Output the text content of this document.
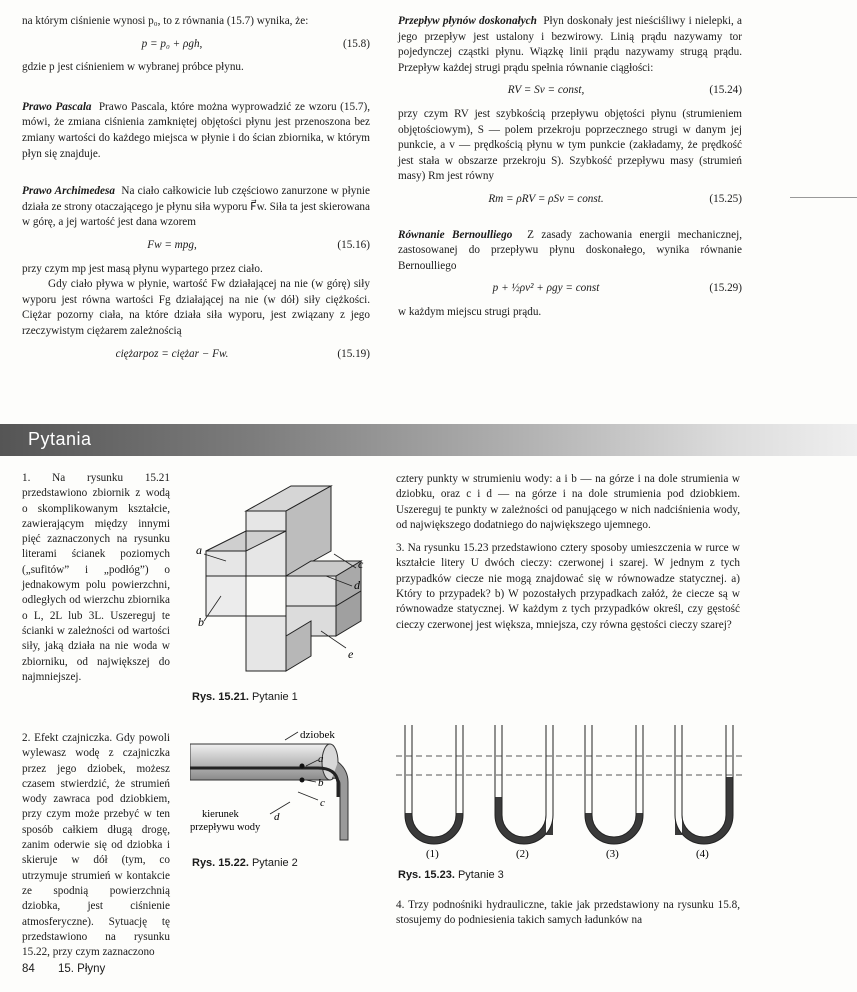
na którym ciśnienie wynosi p₀, to z równania (15.7) wynika, że:

p = p₀ + ρgh,	(15.8)

gdzie p jest ciśnieniem w wybranej próbce płynu.

Prawo Pascala Prawo Pascala, które można wyprowadzić ze wzoru (15.7), mówi, że zmiana ciśnienia zamkniętej objętości płynu jest przenoszona bez zmiany wartości do każdego miejsca w płynie i do ścian zbiornika, w którym płyn się znajduje.

Prawo Archimedesa Na ciało całkowicie lub częściowo zanurzone w płynie działa ze strony otaczającego je płynu siła wyporu F⃗w. Siła ta jest skierowana w górę, a jej wartość jest dana wzorem

Fw = mpg,	(15.16)

przy czym mp jest masą płynu wypartego przez ciało.

Gdy ciało pływa w płynie, wartość Fw działającej na nie (w górę) siły wyporu jest równa wartości Fg działającej na nie (w dół) siły ciężkości. Ciężar pozorny ciała, na które działa siła wyporu, jest związany z jego rzeczywistym ciężarem zależnością

ciężarpoz = ciężar − Fw.	(15.19)

Przepływ płynów doskonałych Płyn doskonały jest nieściśliwy i nielepki, a jego przepływ jest ustalony i bezwirowy. Linią prądu nazywamy tor pojedynczej cząstki płynu. Wiązkę linii prądu nazywamy strugą prądu. Przepływ każdej strugi prądu spełnia równanie ciągłości:

RV = Sv = const,	(15.24)

przy czym RV jest szybkością przepływu objętości płynu (strumieniem objętościowym), S — polem przekroju poprzecznego strugi w danym jej punkcie, a v — prędkością płynu w tym punkcie (zakładamy, że prędkość jest stała w obszarze przekroju S). Szybkość przepływu masy (strumień masy) Rm jest równy

Rm = ρRV = ρSv = const.	(15.25)

Równanie Bernoulliego Z zasady zachowania energii mechanicznej, zastosowanej do przepływu płynu doskonałego, wynika równanie Bernoulliego

p + ½ρv² + ρgy = const	(15.29)

w każdym miejscu strugi prądu.

Pytania

1. Na rysunku 15.21 przedstawiono zbiornik z wodą o skomplikowanym kształcie, zawierającym między innymi pięć zaznaczonych na rysunku literami ścianek poziomych („sufitów” i „podłóg”) o jednakowym polu powierzchni, odległych od wierzchu zbiornika o L, 2L lub 3L. Uszereguj te ścianki w zależności od wartości siły, jaką działa na nie woda w zbiorniku, od największej do najmniejszej.

a
b
c
d
e
Rys. 15.21. Pytanie 1

2. Efekt czajniczka. Gdy powoli wylewasz wodę z czajniczka przez jego dziobek, możesz czasem stwierdzić, że strumień wody zawraca pod dziobkiem, przy czym może przebyć w ten sposób całkiem długą drogę, zanim oderwie się od dziobka i skieruje w dół (tym, co utrzymuje strumień w kontakcie ze spodnią powierzchnią dziobka, jest ciśnienie atmosferyczne). Sytuację tę przedstawiono na rysunku 15.22, przy czym zaznaczono

dziobek
a
b
c
d
kierunek
przepływu wody
Rys. 15.22. Pytanie 2

cztery punkty w strumieniu wody: a i b — na górze i na dole strumienia w dziobku, oraz c i d — na górze i na dole strumienia pod dziobkiem. Uszereguj te punkty w zależności od panującego w nich nadciśnienia wody, od największego dodatniego do największego ujemnego.

3. Na rysunku 15.23 przedstawiono cztery sposoby umieszczenia w rurce w kształcie litery U dwóch cieczy: czerwonej i szarej. W jednym z tych przypadków ciecze nie mogą znajdować się w równowadze statycznej. a) Który to przypadek? b) W pozostałych przypadkach załóż, że ciecze są w równowadze statycznej. W każdym z tych przypadków określ, czy gęstość cieczy czerwonej jest większa, mniejsza, czy równa gęstości cieczy szarej?

(1)	(2)	(3)	(4)
Rys. 15.23. Pytanie 3

4. Trzy podnośniki hydrauliczne, takie jak przedstawiony na rysunku 15.8, stosujemy do podniesienia takich samych ładunków na

84 15. Płyny
